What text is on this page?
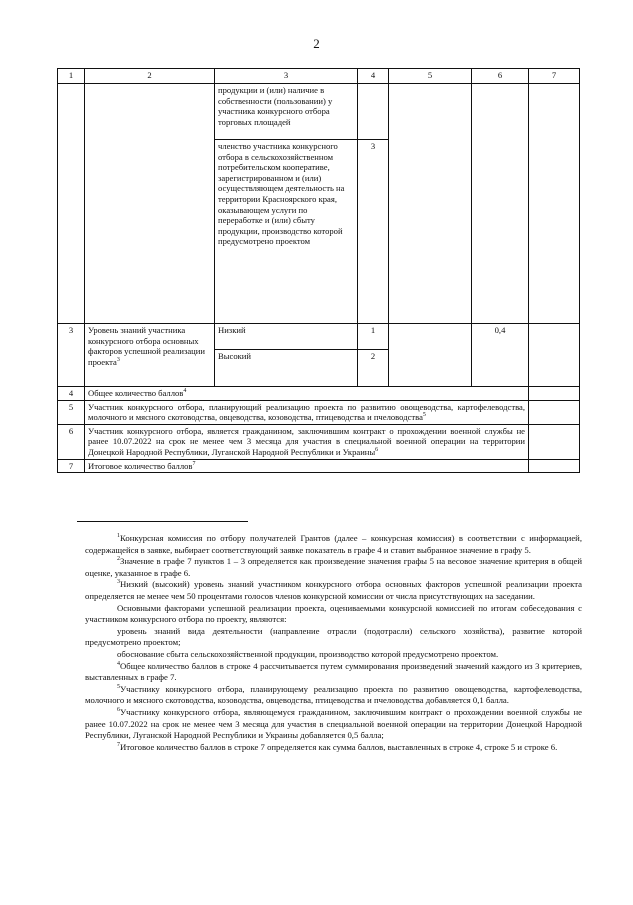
2
1	2	3	4	5	6	7
		продукции и (или) наличие в собственности (пользовании) у участника конкурсного отбора торговых площадей				
		членство участника конкурсного отбора в сельскохозяйственном потребительском кооперативе, зарегистрированном и (или) осуществляющем деятельность на территории Красноярского края, оказывающем услуги по переработке и (или) сбыту продукции, производство которой предусмотрено проектом	3			
3	Уровень знаний участника конкурсного отбора основных факторов успешной реализации проекта$^3$	Низкий	1		0,4	
		Высокий	2			
4	Общее количество баллов$^4$	
5	Участник конкурсного отбора, планирующий реализацию проекта по развитию овощеводства, картофелеводства, молочного и мясного скотоводства, овцеводства, козоводства, птицеводства и пчеловодства$^5$	
6	Участник конкурсного отбора, является гражданином, заключившим контракт о прохождении военной службы не ранее 10.07.2022 на срок не менее чем 3 месяца для участия в специальной военной операции на территории Донецкой Народной Республики, Луганской Народной Республики и Украины$^6$	
7	Итоговое количество баллов$^7$	

$^1$Конкурсная комиссия по отбору получателей Грантов (далее – конкурсная комиссия) в соответствии с информацией, содержащейся в заявке, выбирает соответствующий заявке показатель в графе 4 и ставит выбранное значение в графу 5.

$^2$Значение в графе 7 пунктов 1 – 3 определяется как произведение значения графы 5 на весовое значение критерия в общей оценке, указанное в графе 6.

$^3$Низкий (высокий) уровень знаний участником конкурсного отбора основных факторов успешной реализации проекта определяется не менее чем 50 процентами голосов членов конкурсной комиссии от числа присутствующих на заседании.

Основными факторами успешной реализации проекта, оцениваемыми конкурсной комиссией по итогам собеседования с участником конкурсного отбора по проекту, являются:

уровень знаний вида деятельности (направление отрасли (подотрасли) сельского хозяйства), развитие которой предусмотрено проектом;

обоснование сбыта сельскохозяйственной продукции, производство которой предусмотрено проектом.

$^4$Общее количество баллов в строке 4 рассчитывается путем суммирования произведений значений каждого из 3 критериев, выставленных в графе 7.

$^5$Участнику конкурсного отбора, планирующему реализацию проекта по развитию овощеводства, картофелеводства, молочного и мясного скотоводства, козоводства, овцеводства, птицеводства и пчеловодства добавляется 0,1 балла.

$^6$Участнику конкурсного отбора, являющемуся гражданином, заключившим контракт о прохождении военной службы не ранее 10.07.2022 на срок не менее чем 3 месяца для участия в специальной военной операции на территории Донецкой Народной Республики, Луганской Народной Республики и Украины добавляется 0,5 балла;

$^7$Итоговое количество баллов в строке 7 определяется как сумма баллов, выставленных в строке 4, строке 5 и строке 6.
